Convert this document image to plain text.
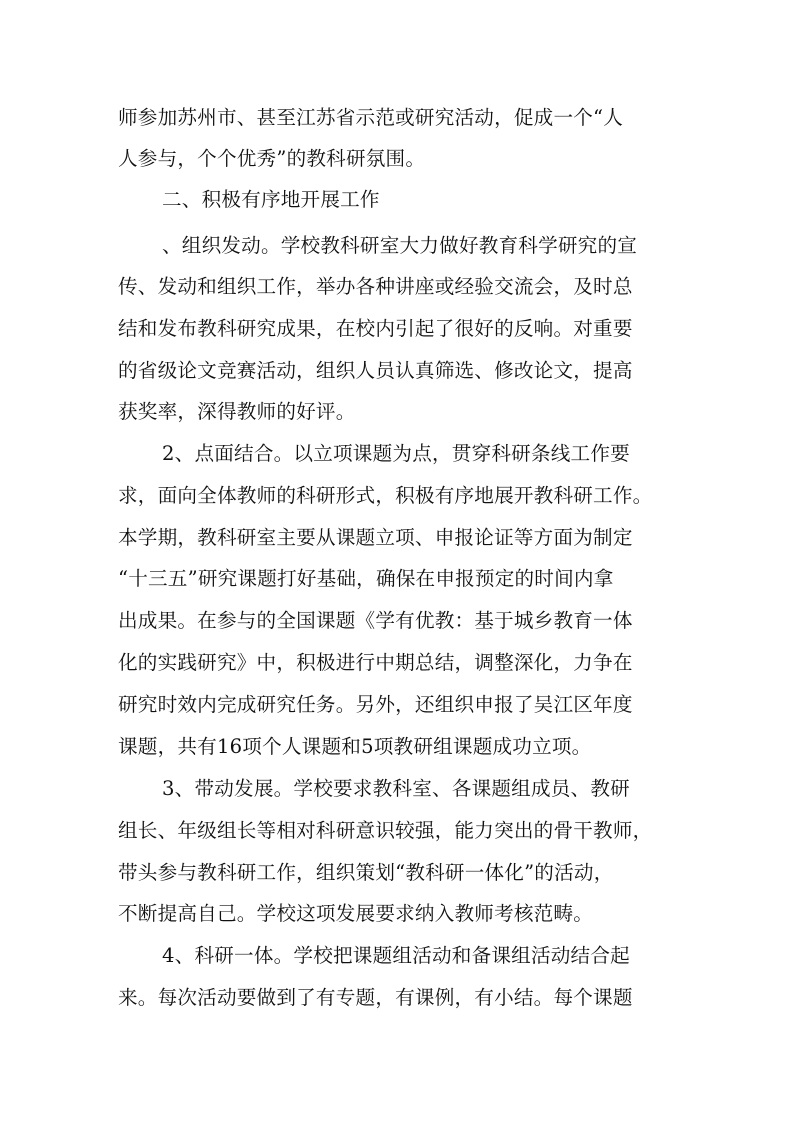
师参加苏州市、甚至江苏省示范或研究活动，促成一个“人
人参与，个个优秀”的教科研氛围。
二、积极有序地开展工作
、组织发动。学校教科研室大力做好教育科学研究的宣
传、发动和组织工作，举办各种讲座或经验交流会，及时总
结和发布教科研究成果，在校内引起了很好的反响。对重要
的省级论文竞赛活动，组织人员认真筛选、修改论文，提高
获奖率，深得教师的好评。
2、点面结合。以立项课题为点，贯穿科研条线工作要
求，面向全体教师的科研形式，积极有序地展开教科研工作。
本学期，教科研室主要从课题立项、申报论证等方面为制定
“十三五”研究课题打好基础，确保在申报预定的时间内拿
出成果。在参与的全国课题《学有优教：基于城乡教育一体
化的实践研究》中，积极进行中期总结，调整深化，力争在
研究时效内完成研究任务。另外，还组织申报了吴江区年度
课题，共有16项个人课题和5项教研组课题成功立项。
3、带动发展。学校要求教科室、各课题组成员、教研
组长、年级组长等相对科研意识较强，能力突出的骨干教师，
带头参与教科研工作，组织策划“教科研一体化”的活动，
不断提高自己。学校这项发展要求纳入教师考核范畴。
4、科研一体。学校把课题组活动和备课组活动结合起
来。每次活动要做到了有专题，有课例，有小结。每个课题
